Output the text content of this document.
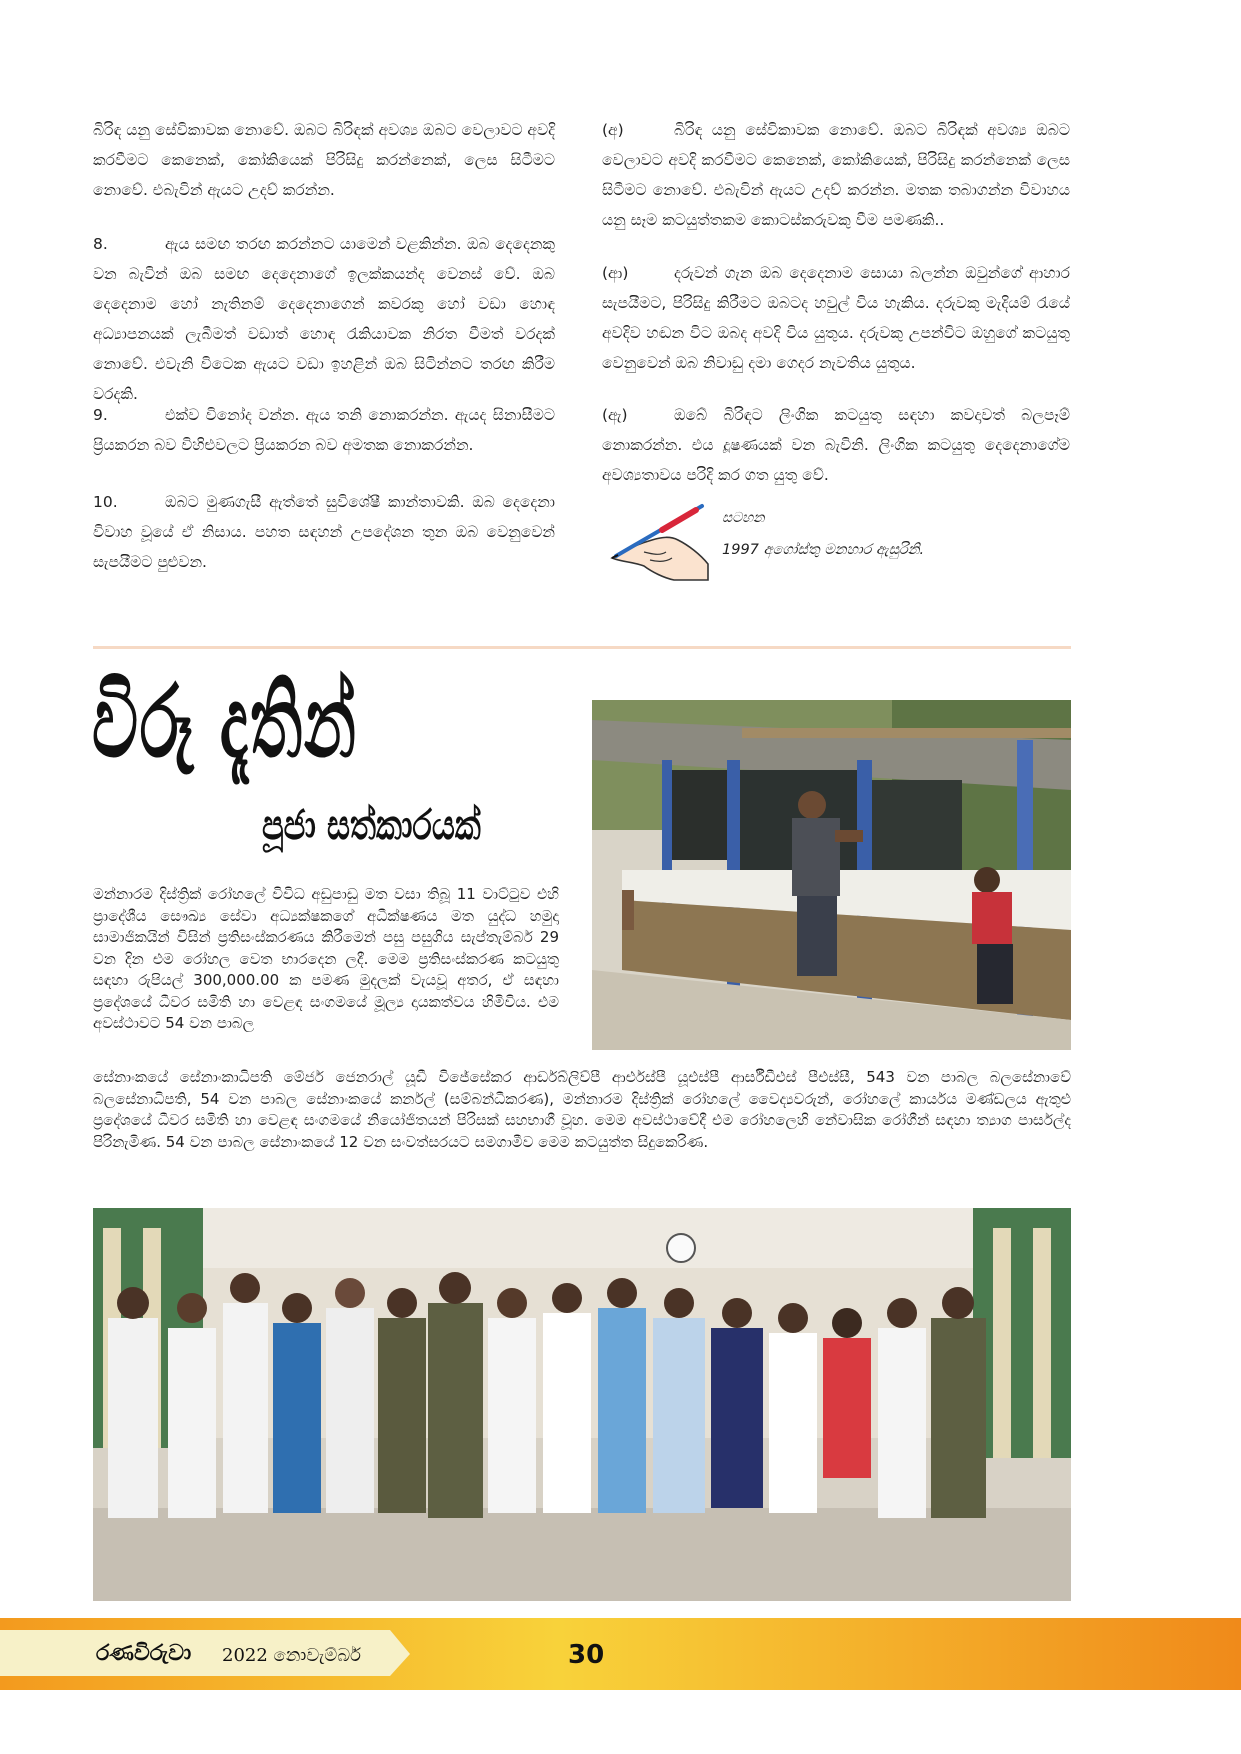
බිරිඳ යනු සේවිකාවක නොවේ. ඔබට බිරිඳක් අවශ්‍ය ඔබට වෙලාවට අවදි කරවීමට කෙනෙක්, කෝකියෙක් පිරිසිදු කරන්නෙක්, ලෙස සිටීමට නොවේ. එබැවින් ඇයට උදව් කරන්න.

8.	ඇය සමඟ තරඟ කරන්නට යාමෙන් වළකින්න. ඔබ දෙදෙනකු වන බැවින් ඔබ සමඟ දෙදෙනාගේ ඉලක්කයන්ද වෙනස් වේ. ඔබ දෙදෙනාම හෝ නැතිනම් දෙදෙනාගෙන් කවරකු හෝ වඩා හොඳ අධ්‍යාපනයක් ලැබීමත් වඩාත් හොඳ රැකියාවක නිරත වීමත් වරදක් නොවේ. එවැනි විටෙක ඇයට වඩා ඉහළින් ඔබ සිටින්නට තරඟ කිරීම වරදකි.

9.	එක්ව විනෝද වන්න. ඇය තනි නොකරන්න. ඇයද සිනාසීමට ප්‍රියකරන බව විහිළුවලට ප්‍රියකරන බව අමතක නොකරන්න.

10.	ඔබට මුණගැසී ඇත්තේ සුවිශේෂී කාන්තාවකි. ඔබ දෙදෙනා විවාහ වූයේ ඒ නිසාය. පහත සඳහන් උපදේශන තුන ඔබ වෙනුවෙන් සැපයීමට පුළුවන.

(අ)	බිරිඳ යනු සේවිකාවක නොවේ. ඔබට බිරිඳක් අවශ්‍ය ඔබට වෙලාවට අවදි කරවීමට කෙනෙක්, කෝකියෙක්, පිරිසිදු කරන්නෙක් ලෙස සිටීමට නොවේ. එබැවින් ඇයට උදව් කරන්න. මතක තබාගන්න විවාහය යනු සෑම කටයුත්තකම කොටස්කරුවකු වීම පමණකි..

(ආ)	දරුවන් ගැන ඔබ දෙදෙනාම සොයා බලන්න ඔවුන්ගේ ආහාර සැපයීමට, පිරිසිදු කිරීමට ඔබටද හවුල් විය හැකිය. දරුවකු මැදියම් රැයේ අවදිව හඬන විට ඔබද අවදි විය යුතුය. දරුවකු උපන්විට ඔහුගේ කටයුතු වෙනුවෙන් ඔබ නිවාඩු දමා ගෙදර නැවතිය යුතුය.

(ඇ)	ඔබේ බිරිඳට ලිංගික කටයුතු සඳහා කවදාවත් බලපෑම් නොකරන්න. එය දූෂණයක් වන බැවිනි. ලිංගික කටයුතු දෙදෙනාගේම අවශ්‍යතාවය පරිදි කර ගත යුතු වේ.

සටහන
1997 අගෝස්තු මනහාර ඇසුරිනි.
විරූ දෑතින්
පූජා සත්කාරයක්

මන්නාරම දිස්ත්‍රික් රෝහලේ විවිධ අඩුපාඩු මත වසා තිබූ 11 වාට්ටුව එහි ප්‍රාදේශීය සෞඛ්‍ය සේවා අධ්‍යක්ෂකගේ අධීක්ෂණය මත යුද්ධ හමුදා සාමාජිකයින් විසින් ප්‍රතිසංස්කරණය කිරීමෙන් පසු පසුගිය සැප්තැම්බර් 29 වන දින එම රෝහල වෙත භාරදෙන ලදී. මෙම ප්‍රතිසංස්කරණ කටයුතු සඳහා රුපියල් 300,000.00 ක පමණ මුදලක් වැයවූ අතර, ඒ සඳහා ප්‍රදේශයේ ධීවර සමිති හා වෙළඳ සංගමයේ මූල්‍ය දායකත්වය හිමිවිය. එම අවස්ථාවට 54 වන පාබල

සේනාංකයේ සේනාංකාධිපති මේජර් ජෙනරාල් යූඩී විජේසේකර ආර්ඩබ්ලිව්පී ආර්එස්පී යූඑස්පී ආර්සීඩීඑස් පීඑස්සී, 543 වන පාබල බලසේනාවේ බලසේනාධිපති, 54 වන පාබල සේනාංකයේ කර්නල් (සම්බන්ධීකරණ), මන්නාරම දිස්ත්‍රික් රෝහලේ වෛද්‍යවරුන්, රෝහලේ කාර්යය මණ්ඩලය ඇතුළු ප්‍රදේශයේ ධීවර සමිති හා වෙළඳ සංගමයේ නියෝජිතයන් පිරිසක් සහභාගී වූහ. මෙම අවස්ථාවේදී එම රෝහලෙහි නේවාසික රෝගීන් සඳහා ත්‍යාග පාර්සල්ද පිරිනැමිණ. 54 වන පාබල සේනාංකයේ 12 වන සංවත්සරයට සමගාමීව මෙම කටයුත්ත සිදුකෙරිණ.

රණවිරුවා 2022 නොවැම්බර්	30
